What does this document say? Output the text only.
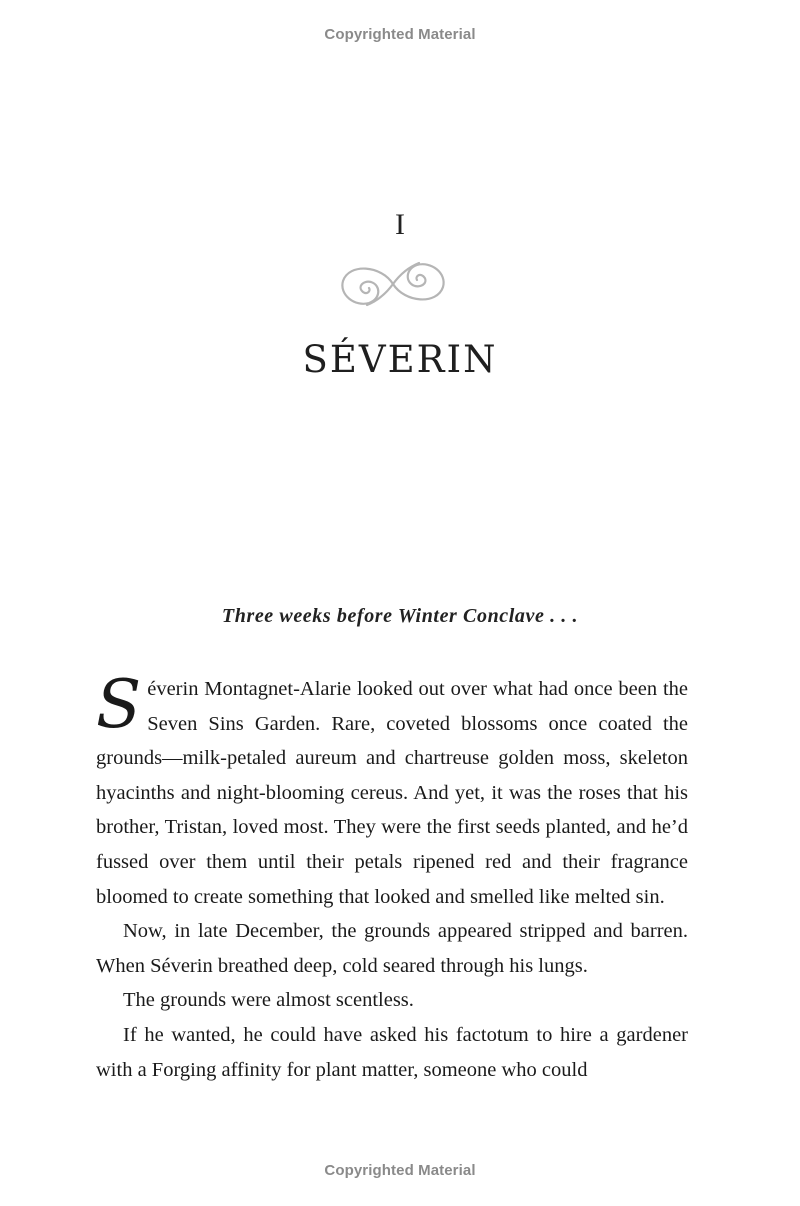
Copyrighted Material
I
SÉVERIN
Three weeks before Winter Conclave . . .

Séverin Montagnet-Alarie looked out over what had once been the Seven Sins Garden. Rare, coveted blossoms once coated the grounds—milk-petaled aureum and chartreuse golden moss, skeleton hyacinths and night-blooming cereus. And yet, it was the roses that his brother, Tristan, loved most. They were the first seeds planted, and he’d fussed over them until their petals ripened red and their fragrance bloomed to create something that looked and smelled like melted sin.

Now, in late December, the grounds appeared stripped and barren. When Séverin breathed deep, cold seared through his lungs.

The grounds were almost scentless.

If he wanted, he could have asked his factotum to hire a gardener with a Forging affinity for plant matter, someone who could

Copyrighted Material
